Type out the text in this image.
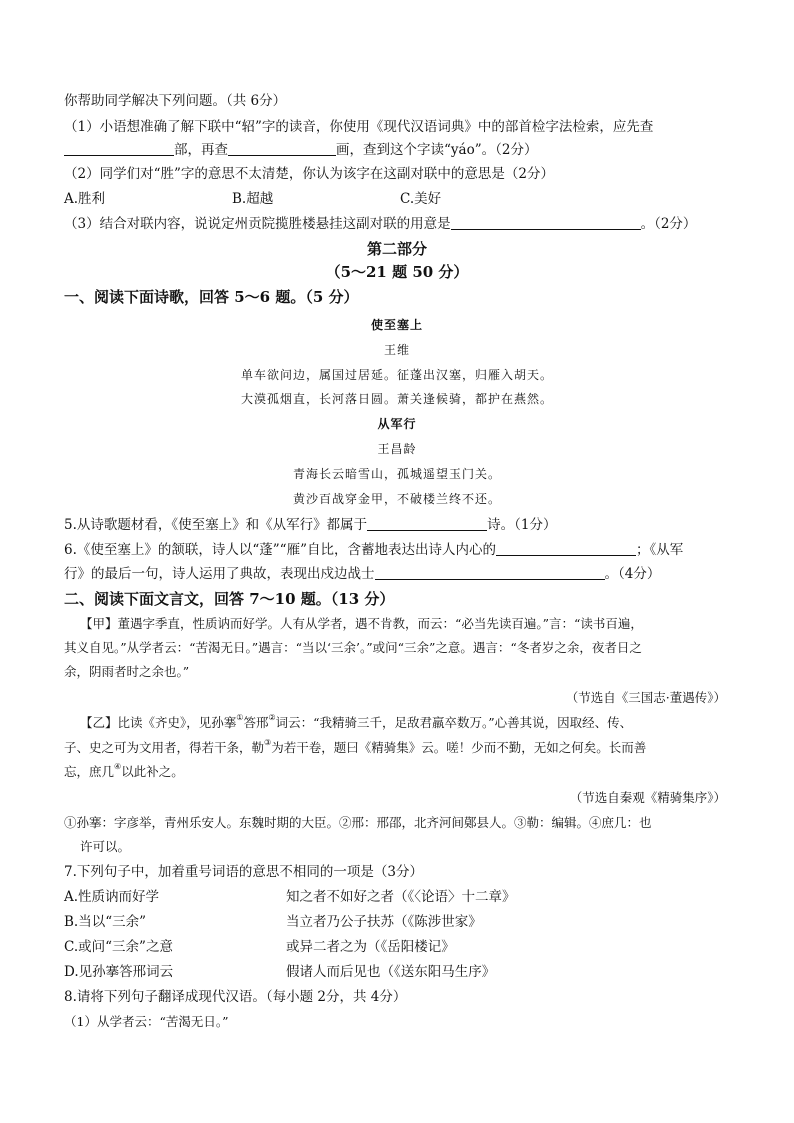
你帮助同学解决下列问题。（共 6分）
（1）小语想准确了解下联中“轺”字的读音，你使用《现代汉语词典》中的部首检字法检索，应先查
部，再查	画，查到这个字读“yáo”。（2分）
（2）同学们对“胜”字的意思不太清楚，你认为该字在这副对联中的意思是（2分）
A.胜利	B.超越	C.美好
（3）结合对联内容，说说定州贡院揽胜楼悬挂这副对联的用意是	。（2分）
第二部分
（5～21 题 50 分）
一、阅读下面诗歌，回答 5～6 题。（5 分）
使至塞上
王维
单车欲问边，属国过居延。征蓬出汉塞，归雁入胡天。
大漠孤烟直，长河落日圆。萧关逢候骑，都护在燕然。
从军行
王昌龄
青海长云暗雪山，孤城遥望玉门关。
黄沙百战穿金甲，不破楼兰终不还。
5.从诗歌题材看，《使至塞上》和《从军行》都属于	诗。（1分）
6.《使至塞上》的颔联，诗人以“蓬”“雁”自比，含蓄地表达出诗人内心的	；《从军
行》的最后一句，诗人运用了典故，表现出戍边战士	。（4分）
二、阅读下面文言文，回答 7～10 题。（13 分）
【甲】董遇字季直，性质讷而好学。人有从学者，遇不肯教，而云：“必当先读百遍。”言：“读书百遍，
其义自见。”从学者云：“苦渴无日。”遇言：“当以‘三余’。”或问“三余”之意。遇言：“冬者岁之余，夜者日之
余，阴雨者时之余也。”
（节选自《三国志·董遇传》）
【乙】比读《齐史》，见孙搴①答邢②词云：“我精骑三千，足敌君羸卒数万。”心善其说，因取经、传、
子、史之可为文用者，得若干条，勒③为若干卷，题曰《精骑集》云。嗟！少而不勤，无如之何矣。长而善
忘，庶几④以此补之。
（节选自秦观《精骑集序》）
①孙搴：字彦举，青州乐安人。东魏时期的大臣。②邢：邢邵，北齐河间鄚县人。③勒：编辑。④庶几：也
许可以。
7.下列句子中，加着重号词语的意思不相同的一项是（3分）
A.性质讷而好学	知之者不如好之者（《〈论语〉十二章》
B.当以“三余”	当立者乃公子扶苏（《陈涉世家》
C.或问“三余”之意	或异二者之为（《岳阳楼记》
D.见孙搴答邢词云	假诸人而后见也（《送东阳马生序》
8.请将下列句子翻译成现代汉语。（每小题 2分，共 4分）
（1）从学者云：“苦渴无日。”
